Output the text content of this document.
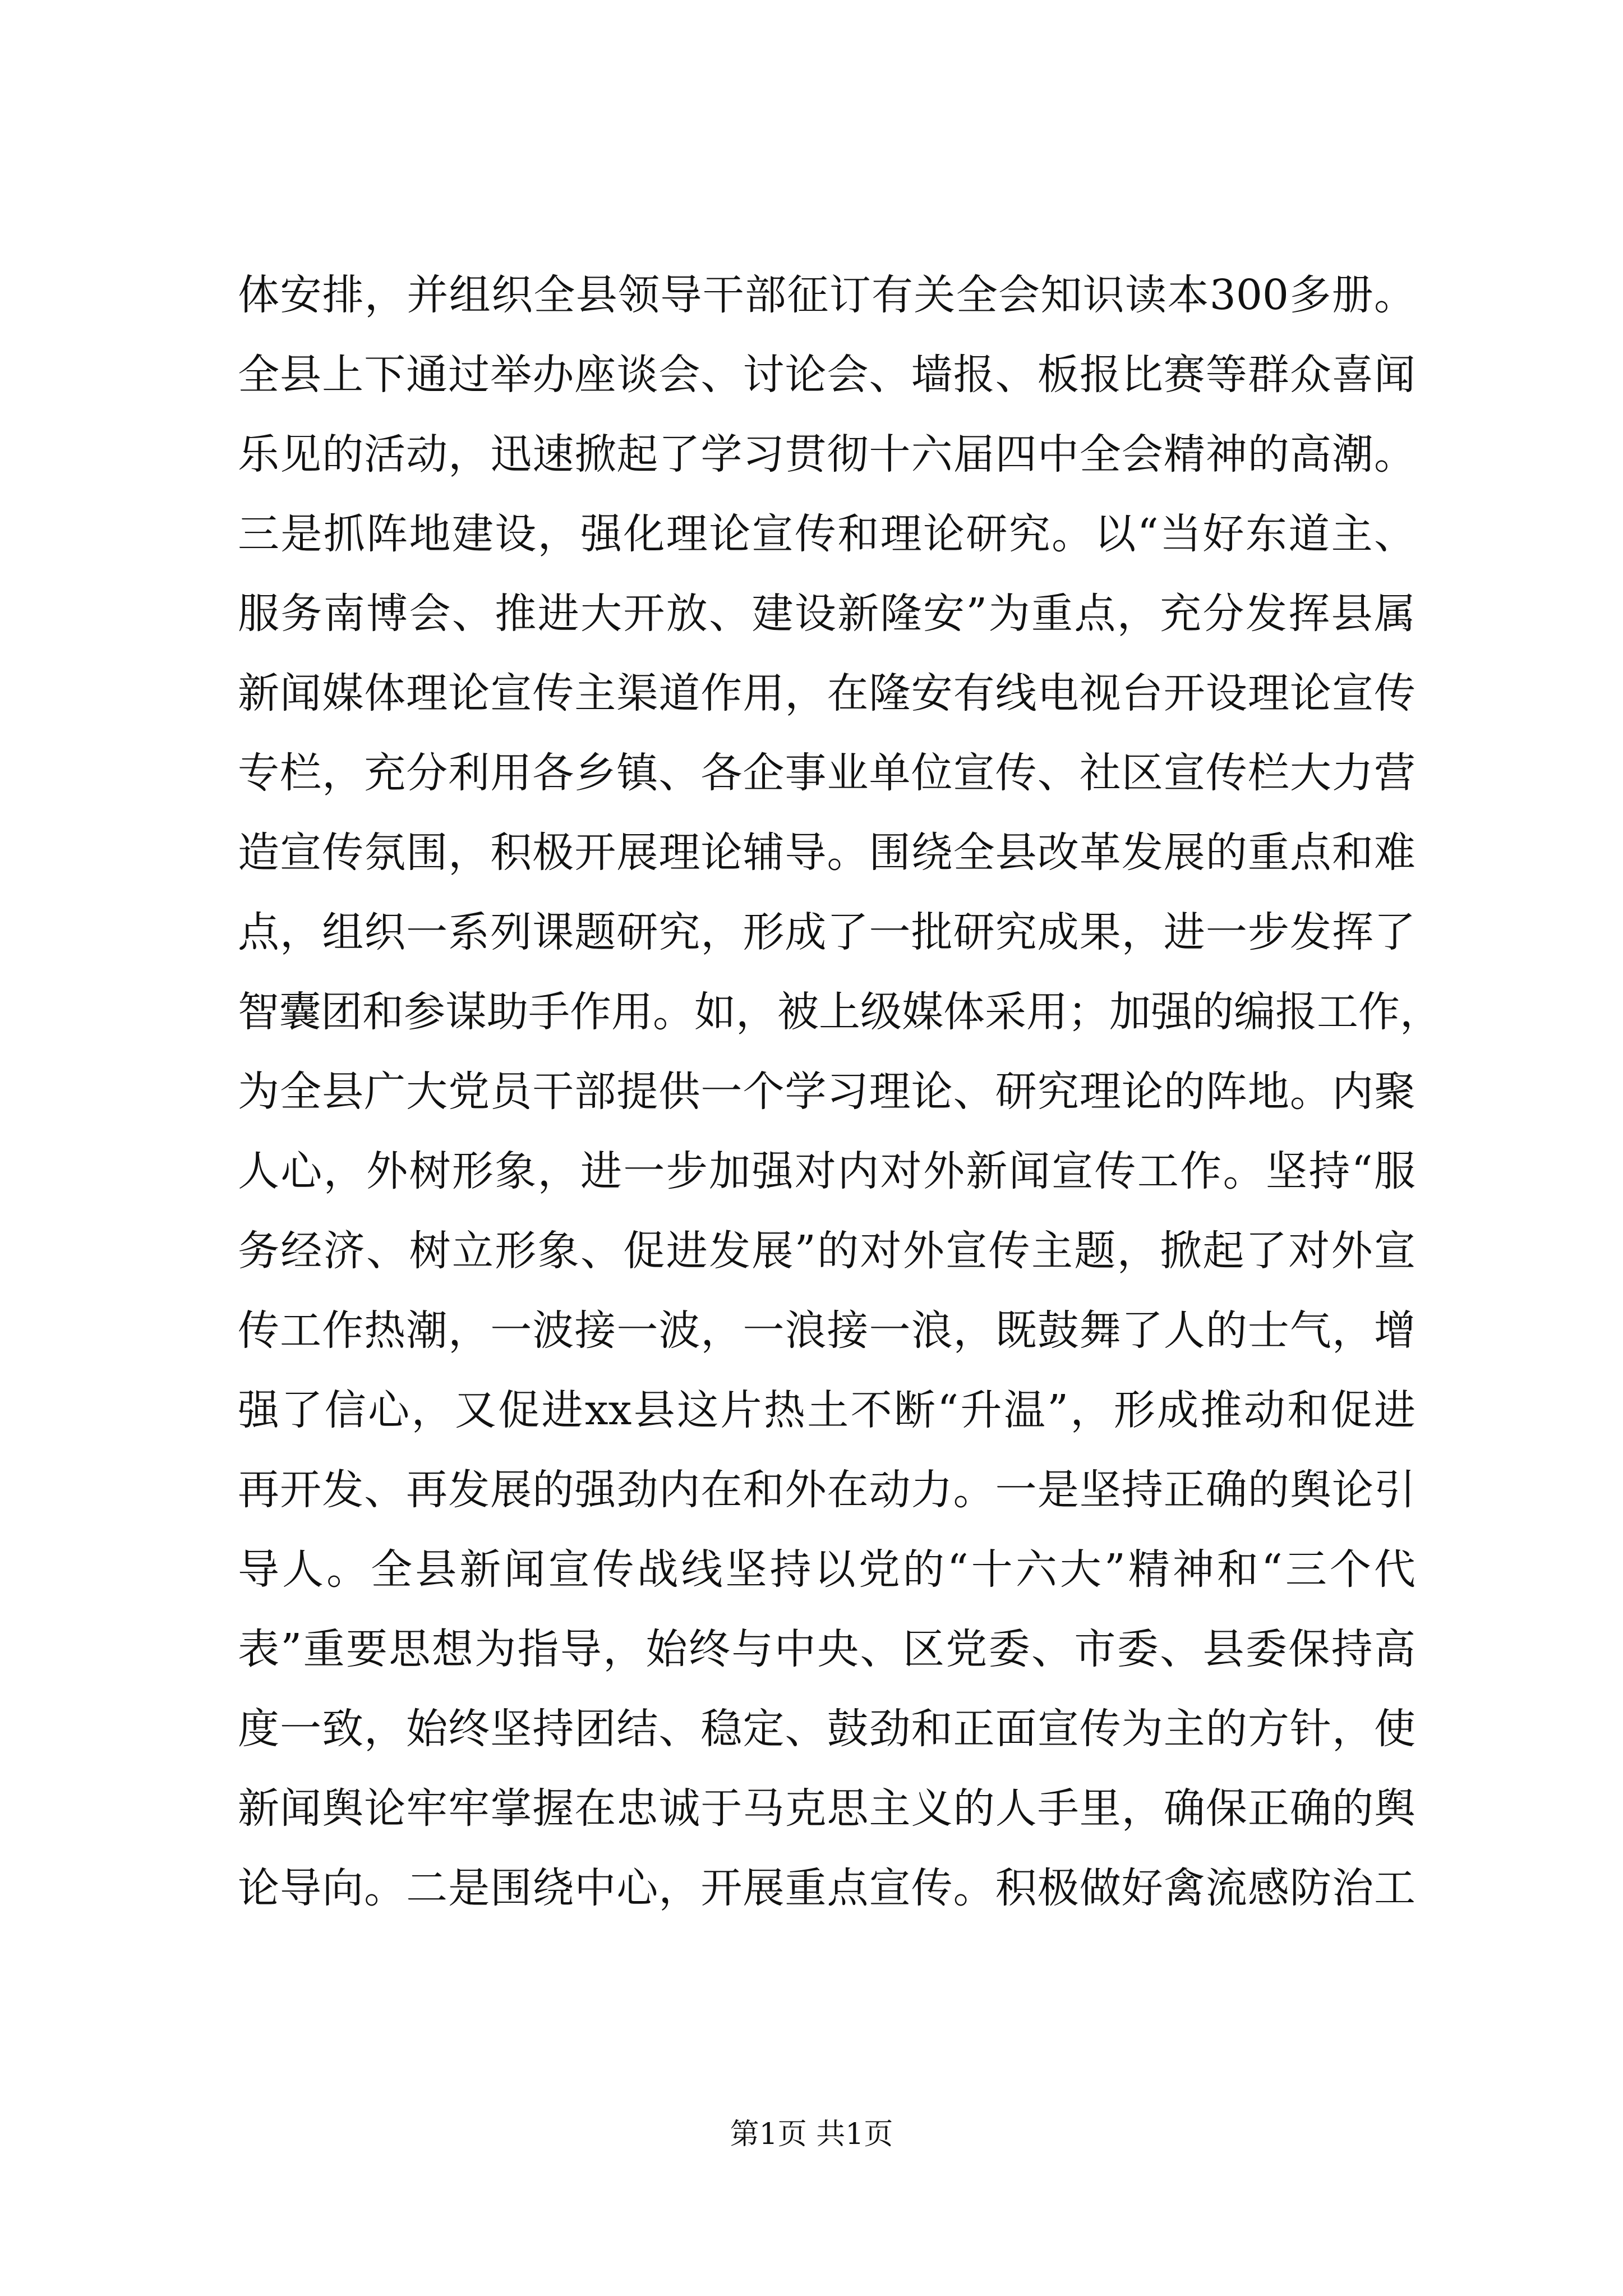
体安排，并组织全县领导干部征订有关全会知识读本300多册。
全县上下通过举办座谈会、讨论会、墙报、板报比赛等群众喜闻
乐见的活动，迅速掀起了学习贯彻十六届四中全会精神的高潮。
三是抓阵地建设，强化理论宣传和理论研究。以“当好东道主、
服务南博会、推进大开放、建设新隆安”为重点，充分发挥县属
新闻媒体理论宣传主渠道作用，在隆安有线电视台开设理论宣传
专栏，充分利用各乡镇、各企事业单位宣传、社区宣传栏大力营
造宣传氛围，积极开展理论辅导。围绕全县改革发展的重点和难
点，组织一系列课题研究，形成了一批研究成果，进一步发挥了
智囊团和参谋助手作用。如，被上级媒体采用；加强的编报工作，
为全县广大党员干部提供一个学习理论、研究理论的阵地。内聚
人心，外树形象，进一步加强对内对外新闻宣传工作。坚持“服
务经济、树立形象、促进发展”的对外宣传主题，掀起了对外宣
传工作热潮，一波接一波，一浪接一浪，既鼓舞了人的士气，增
强了信心，又促进xx县这片热土不断“升温”，形成推动和促进
再开发、再发展的强劲内在和外在动力。一是坚持正确的舆论引
导人。全县新闻宣传战线坚持以党的“十六大”精神和“三个代
表”重要思想为指导，始终与中央、区党委、市委、县委保持高
度一致，始终坚持团结、稳定、鼓劲和正面宣传为主的方针，使
新闻舆论牢牢掌握在忠诚于马克思主义的人手里，确保正确的舆
论导向。二是围绕中心，开展重点宣传。积极做好禽流感防治工
第1页 共1页
